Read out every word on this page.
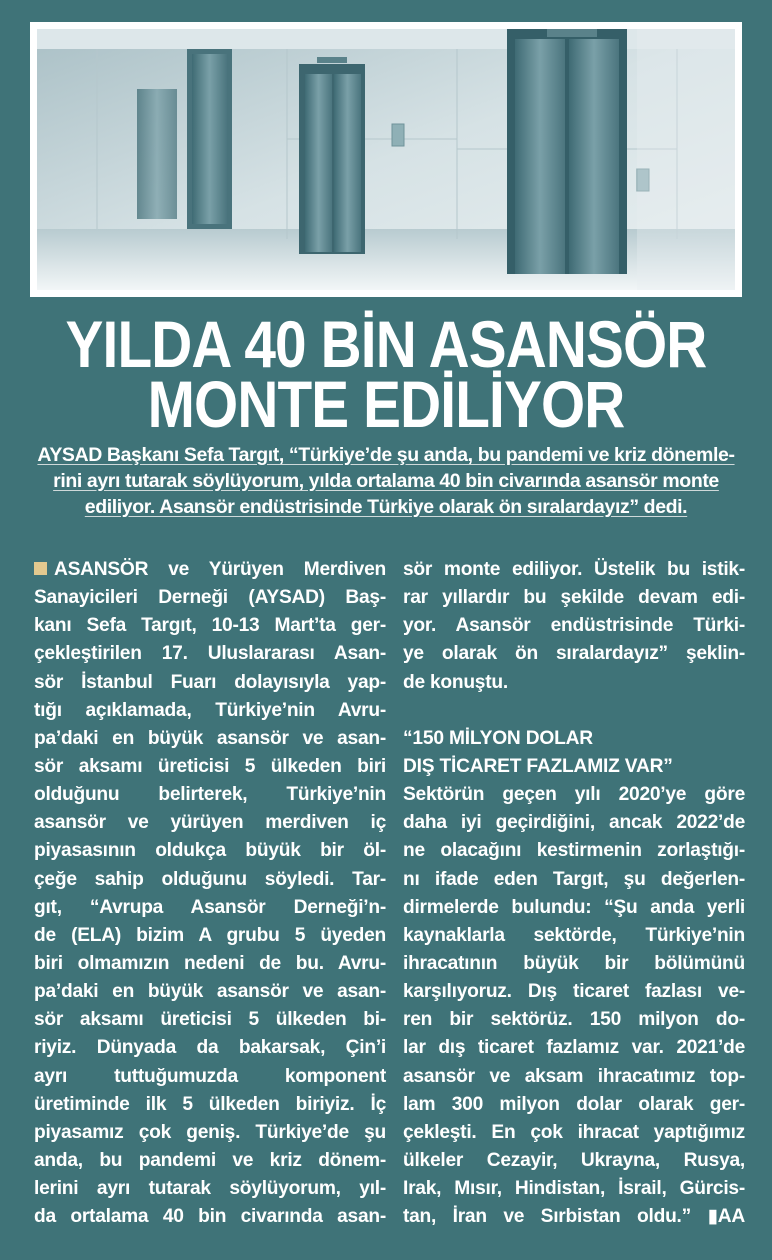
YILDA 40 BİN ASANSÖR
MONTE EDİLİYOR

AYSAD Başkanı Sefa Targıt, “Türkiye’de şu anda, bu pandemi ve kriz dönemle-

rini ayrı tutarak söylüyorum, yılda ortalama 40 bin civarında asansör monte

ediliyor. Asansör endüstrisinde Türkiye olarak ön sıralardayız” dedi.

ASANSÖR ve Yürüyen Merdiven
Sanayicileri Derneği (AYSAD) Baş-
kanı Sefa Targıt, 10-13 Mart’ta ger-
çekleştirilen 17. Uluslararası Asan-
sör İstanbul Fuarı dolayısıyla yap-
tığı açıklamada, Türkiye’nin Avru-
pa’daki en büyük asansör ve asan-
sör aksamı üreticisi 5 ülkeden biri
olduğunu belirterek, Türkiye’nin
asansör ve yürüyen merdiven iç
piyasasının oldukça büyük bir öl-
çeğe sahip olduğunu söyledi. Tar-
gıt, “Avrupa Asansör Derneği’n-
de (ELA) bizim A grubu 5 üyeden
biri olmamızın nedeni de bu. Avru-
pa’daki en büyük asansör ve asan-
sör aksamı üreticisi 5 ülkeden bi-
riyiz. Dünyada da bakarsak, Çin’i
ayrı tuttuğumuzda komponent
üretiminde ilk 5 ülkeden biriyiz. İç
piyasamız çok geniş. Türkiye’de şu
anda, bu pandemi ve kriz dönem-
lerini ayrı tutarak söylüyorum, yıl-
da ortalama 40 bin civarında asan-
sör monte ediliyor. Üstelik bu istik-
rar yıllardır bu şekilde devam edi-
yor. Asansör endüstrisinde Türki-
ye olarak ön sıralardayız” şeklin-
de konuştu.
“150 MİLYON DOLAR
DIŞ TİCARET FAZLAMIZ VAR”
Sektörün geçen yılı 2020’ye göre
daha iyi geçirdiğini, ancak 2022’de
ne olacağını kestirmenin zorlaştığı-
nı ifade eden Targıt, şu değerlen-
dirmelerde bulundu: “Şu anda yerli
kaynaklarla sektörde, Türkiye’nin
ihracatının büyük bir bölümünü
karşılıyoruz. Dış ticaret fazlası ve-
ren bir sektörüz. 150 milyon do-
lar dış ticaret fazlamız var. 2021’de
asansör ve aksam ihracatımız top-
lam 300 milyon dolar olarak ger-
çekleşti. En çok ihracat yaptığımız
ülkeler Cezayir, Ukrayna, Rusya,
Irak, Mısır, Hindistan, İsrail, Gürcis-
tan, İran ve Sırbistan oldu.” ▮AA
